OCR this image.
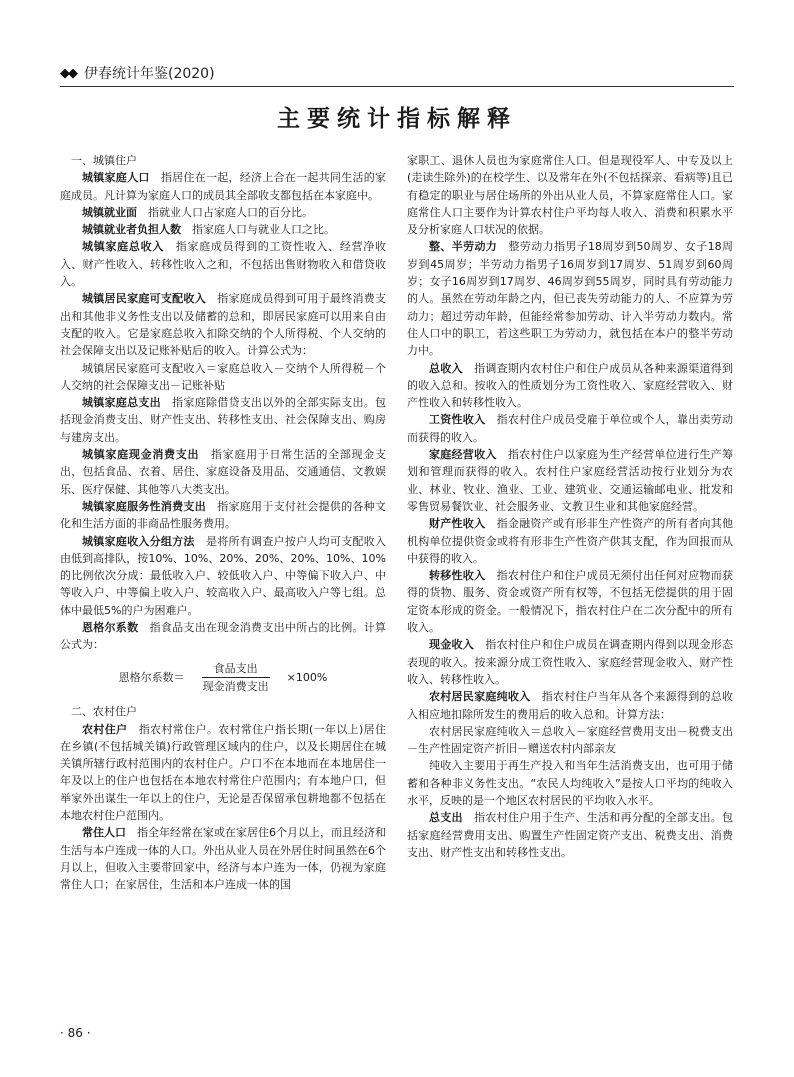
◆◆ 伊春统计年鉴(2020)
主要统计指标解释

一、城镇住户

城镇家庭人口　指居住在一起，经济上合在一起共同生活的家庭成员。凡计算为家庭人口的成员其全部收支都包括在本家庭中。

城镇就业面　指就业人口占家庭人口的百分比。

城镇就业者负担人数　指家庭人口与就业人口之比。

城镇家庭总收入　指家庭成员得到的工资性收入、经营净收入、财产性收入、转移性收入之和，不包括出售财物收入和借贷收入。

城镇居民家庭可支配收入　指家庭成员得到可用于最终消费支出和其他非义务性支出以及储蓄的总和，即居民家庭可以用来自由支配的收入。它是家庭总收入扣除交纳的个人所得税、个人交纳的社会保障支出以及记账补贴后的收入。计算公式为：

城镇居民家庭可支配收入＝家庭总收入－交纳个人所得税－个人交纳的社会保障支出－记账补贴

城镇家庭总支出　指家庭除借贷支出以外的全部实际支出。包括现金消费支出、财产性支出、转移性支出、社会保障支出、购房与建房支出。

城镇家庭现金消费支出　指家庭用于日常生活的全部现金支出，包括食品、衣着、居住、家庭设备及用品、交通通信、文教娱乐、医疗保健、其他等八大类支出。

城镇家庭服务性消费支出　指家庭用于支付社会提供的各种文化和生活方面的非商品性服务费用。

城镇家庭收入分组方法　是将所有调查户按户人均可支配收入由低到高排队，按10%、10%、20%、20%、20%、10%、10%的比例依次分成：最低收入户、较低收入户、中等偏下收入户、中等收入户、中等偏上收入户、较高收入户、最高收入户等七组。总体中最低5%的户为困难户。

恩格尔系数　指食品支出在现金消费支出中所占的比例。计算公式为：

恩格尔系数＝ $\frac{\text{食品支出}}{\text{现金消费支出}} \times 100\%$

二、农村住户

农村住户　指农村常住户。农村常住户指长期(一年以上)居住在乡镇(不包括城关镇)行政管理区域内的住户，以及长期居住在城关镇所辖行政村范围内的农村住户。户口不在本地而在本地居住一年及以上的住户也包括在本地农村常住户范围内；有本地户口，但举家外出谋生一年以上的住户，无论是否保留承包耕地都不包括在本地农村住户范围内。

常住人口　指全年经常在家或在家居住6个月以上，而且经济和生活与本户连成一体的人口。外出从业人员在外居住时间虽然在6个月以上，但收入主要带回家中，经济与本户连为一体，仍视为家庭常住人口；在家居住，生活和本户连成一体的国

家职工、退休人员也为家庭常住人口。但是现役军人、中专及以上(走读生除外)的在校学生、以及常年在外(不包括探亲、看病等)且已有稳定的职业与居住场所的外出从业人员，不算家庭常住人口。家庭常住人口主要作为计算农村住户平均每人收入、消费和积累水平及分析家庭人口状况的依据。

整、半劳动力　整劳动力指男子18周岁到50周岁、女子18周岁到45周岁；半劳动力指男子16周岁到17周岁、51周岁到60周岁；女子16周岁到17周岁、46周岁到55周岁，同时具有劳动能力的人。虽然在劳动年龄之内，但已丧失劳动能力的人、不应算为劳动力；超过劳动年龄，但能经常参加劳动、计入半劳动力数内。常住人口中的职工，若这些职工为劳动力，就包括在本户的整半劳动力中。

总收入　指调查期内农村住户和住户成员从各种来源渠道得到的收入总和。按收入的性质划分为工资性收入、家庭经营收入、财产性收入和转移性收入。

工资性收入　指农村住户成员受雇于单位或个人，靠出卖劳动而获得的收入。

家庭经营收入　指农村住户以家庭为生产经营单位进行生产筹划和管理而获得的收入。农村住户家庭经营活动按行业划分为农业、林业、牧业、渔业、工业、建筑业、交通运输邮电业、批发和零售贸易餐饮业、社会服务业、文教卫生业和其他家庭经营。

财产性收入　指金融资产或有形非生产性资产的所有者向其他机构单位提供资金或将有形非生产性资产供其支配，作为回报而从中获得的收入。

转移性收入　指农村住户和住户成员无须付出任何对应物而获得的货物、服务、资金或资产所有权等，不包括无偿提供的用于固定资本形成的资金。一般情况下，指农村住户在二次分配中的所有收入。

现金收入　指农村住户和住户成员在调查期内得到以现金形态表现的收入。按来源分成工资性收入、家庭经营现金收入、财产性收入、转移性收入。

农村居民家庭纯收入　指农村住户当年从各个来源得到的总收入相应地扣除所发生的费用后的收入总和。计算方法：

农村居民家庭纯收入＝总收入－家庭经营费用支出－税费支出－生产性固定资产折旧－赠送农村内部亲友

纯收入主要用于再生产投入和当年生活消费支出，也可用于储蓄和各种非义务性支出。“农民人均纯收入”是按人口平均的纯收入水平，反映的是一个地区农村居民的平均收入水平。

总支出　指农村住户用于生产、生活和再分配的全部支出。包括家庭经营费用支出、购置生产性固定资产支出、税费支出、消费支出、财产性支出和转移性支出。

· 86 ·
